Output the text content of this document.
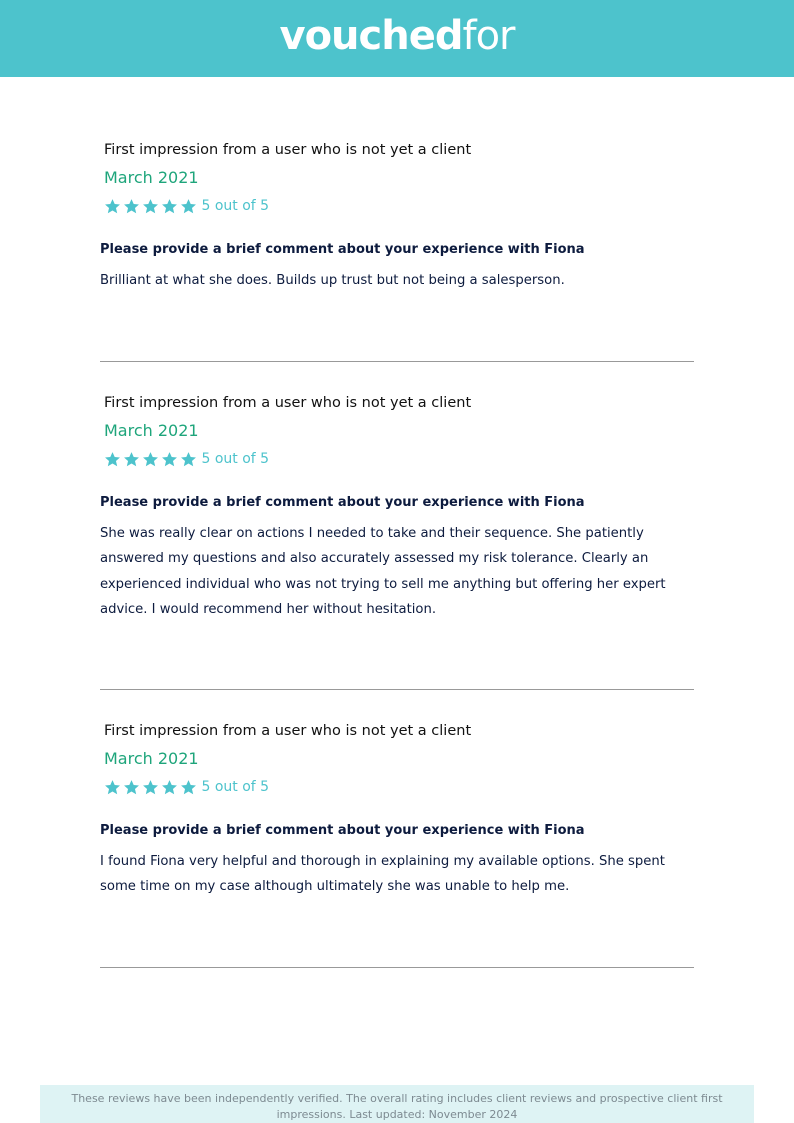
vouched for
First impression from a user who is not yet a client
March 2021
5 out of 5
Please provide a brief comment about your experience with Fiona
Brilliant at what she does. Builds up trust but not being a salesperson.
First impression from a user who is not yet a client
March 2021
5 out of 5
Please provide a brief comment about your experience with Fiona
She was really clear on actions I needed to take and their sequence. She patiently answered my questions and also accurately assessed my risk tolerance. Clearly an experienced individual who was not trying to sell me anything but offering her expert advice. I would recommend her without hesitation.
First impression from a user who is not yet a client
March 2021
5 out of 5
Please provide a brief comment about your experience with Fiona
I found Fiona very helpful and thorough in explaining my available options. She spent some time on my case although ultimately she was unable to help me.
These reviews have been independently verified. The overall rating includes client reviews and prospective client first impressions. Last updated: November 2024
